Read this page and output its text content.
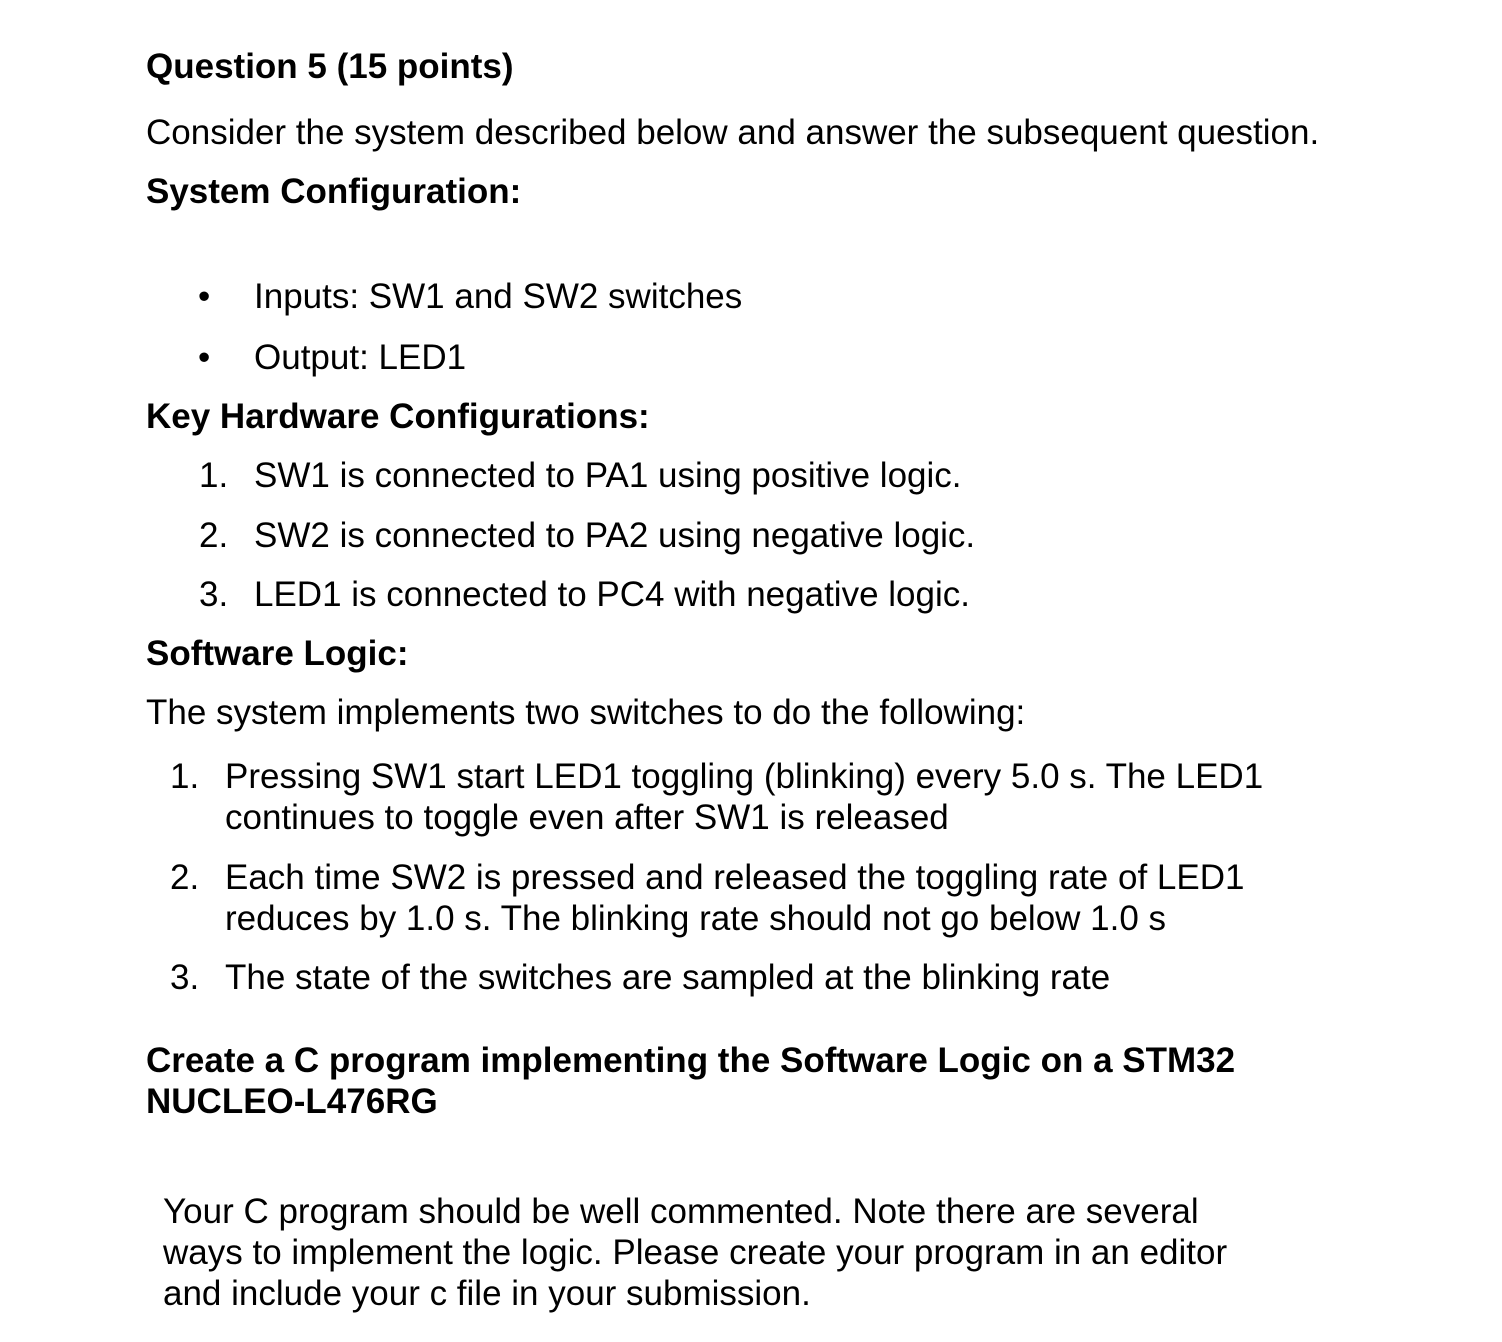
Question 5 (15 points)
Consider the system described below and answer the subsequent question.
System Configuration:
• Inputs: SW1 and SW2 switches
• Output: LED1
Key Hardware Configurations:
1. SW1 is connected to PA1 using positive logic.
2. SW2 is connected to PA2 using negative logic.
3. LED1 is connected to PC4 with negative logic.
Software Logic:
The system implements two switches to do the following:
1. Pressing SW1 start LED1 toggling (blinking) every 5.0 s. The LED1
continues to toggle even after SW1 is released
2. Each time SW2 is pressed and released the toggling rate of LED1
reduces by 1.0 s. The blinking rate should not go below 1.0 s
3. The state of the switches are sampled at the blinking rate
Create a C program implementing the Software Logic on a STM32
NUCLEO-L476RG
Your C program should be well commented. Note there are several
ways to implement the logic. Please create your program in an editor
and include your c file in your submission.
